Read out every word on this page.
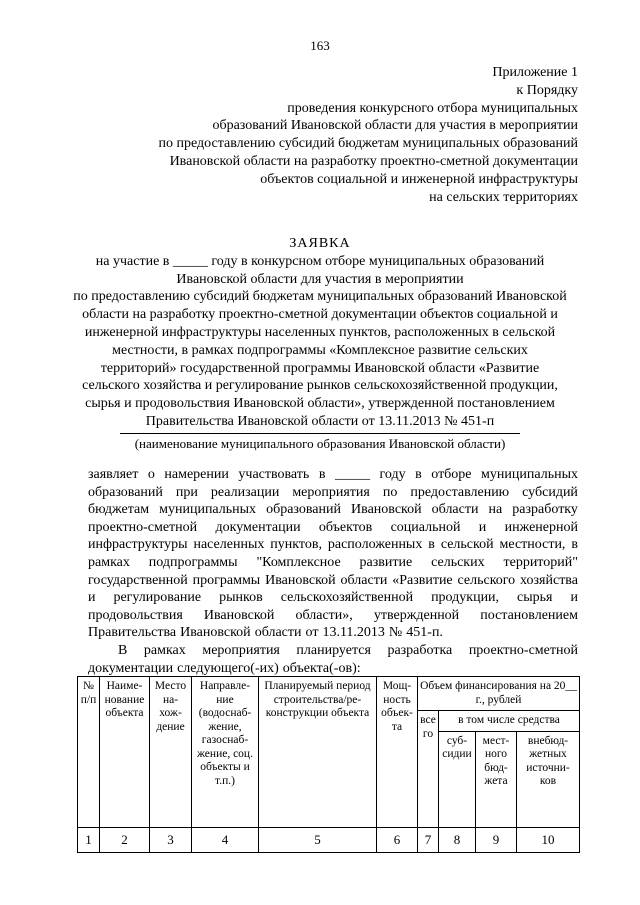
163
Приложение 1
к Порядку
проведения конкурсного отбора муниципальных
образований Ивановской области для участия в мероприятии
по предоставлению субсидий бюджетам муниципальных образований
Ивановской области на разработку проектно-сметной документации
объектов социальной и инженерной инфраструктуры
на сельских территориях
ЗАЯВКА
на участие в _____ году в конкурсном отборе муниципальных образований
Ивановской области для участия в мероприятии
по предоставлению субсидий бюджетам муниципальных образований Ивановской
области на разработку проектно-сметной документации объектов социальной и
инженерной инфраструктуры населенных пунктов, расположенных в сельской
местности, в рамках подпрограммы «Комплексное развитие сельских
территорий» государственной программы Ивановской области «Развитие
сельского хозяйства и регулирование рынков сельскохозяйственной продукции,
сырья и продовольствия Ивановской области», утвержденной постановлением
Правительства Ивановской области от 13.11.2013 № 451-п
(наименование муниципального образования Ивановской области)
заявляет о намерении участвовать в _____ году в отборе муниципальных
образований при реализации мероприятия по предоставлению субсидий
бюджетам муниципальных образований Ивановской области на разработку
проектно-сметной документации объектов социальной и инженерной
инфраструктуры населенных пунктов, расположенных в сельской местности, в
рамках подпрограммы "Комплексное развитие сельских территорий"
государственной программы Ивановской области «Развитие сельского хозяйства
и регулирование рынков сельскохозяйственной продукции, сырья и
продовольствия Ивановской области», утвержденной постановлением
Правительства Ивановской области от 13.11.2013 № 451-п.
В рамках мероприятия планируется разработка проектно-сметной
документации следующего(-их) объекта(-ов):
№ п/п	Наиме- нование объекта	Место на- хож- дение	Направле- ние (водоснаб- жение, газоснаб- жение, соц. объекты и т.п.)	Планируемый период строительства/ре- конструкции объекта	Мощ- ность объек- та	Объем финансирования на 20__ г., рублей			
						все го	в том числе средства		
							суб- сидии	мест- ного бюд- жета	внебюд- жетных источни- ков
1	2	3	4	5	6	7	8	9	10
